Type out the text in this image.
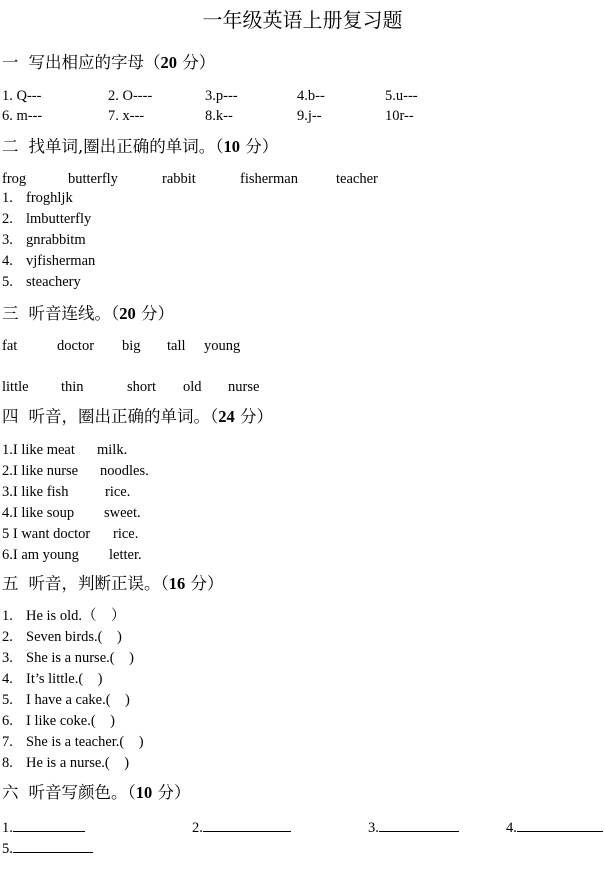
一年级英语上册复习题
一 写出相应的字母（20 分）
1. Q---	2. O----	3.p---	4.b--	5.u---
6. m---	7. x---	8.k--	9.j--	10r--
二 找单词,圈出正确的单词。（10 分）
frog	butterfly	rabbit	fisherman	teacher
1. froghljk
2. lmbutterfly
3. gnrabbitm
4. vjfisherman
5. steachery
三 听音连线。（20 分）
fat	doctor big tall young
little thin	short old nurse
四 听音，圈出正确的单词。（24 分）
1.I like meat milk.
2.I like nurse noodles.
3.I like fish	rice.
4.I like soup sweet.
5 I want doctor rice.
6.I am young letter.
五 听音，判断正误。（16 分）
1. He is old.（　）
2. Seven birds.(　)
3. She is a nurse.(　)
4. It’s little.(　)
5. I have a cake.(　)
6. I like coke.(　)
7. She is a teacher.(　)
8. He is a nurse.(　)
六 听音写颜色。（10 分）
1.	2.	3.	4.
5.
